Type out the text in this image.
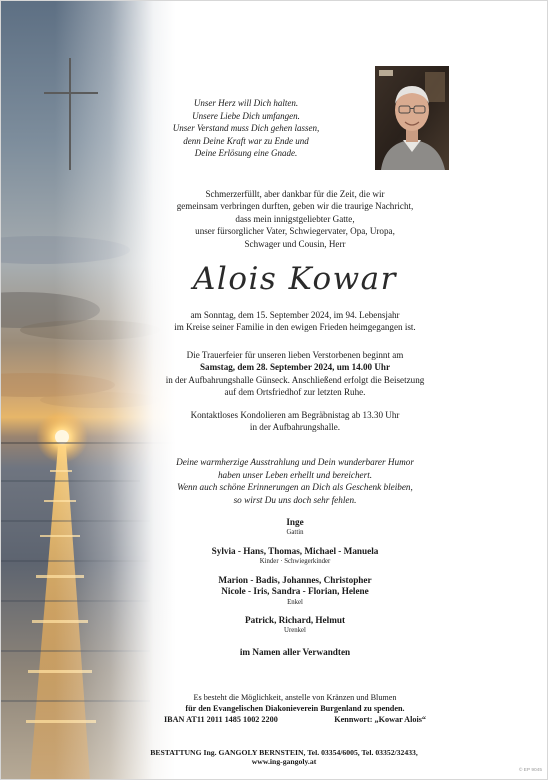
Unser Herz will Dich halten.
Unsere Liebe Dich umfangen.
Unser Verstand muss Dich gehen lassen,
denn Deine Kraft war zu Ende und
Deine Erlösung eine Gnade.
Schmerzerfüllt, aber dankbar für die Zeit, die wir
gemeinsam verbringen durften, geben wir die traurige Nachricht,
dass mein innigstgeliebter Gatte,
unser fürsorglicher Vater, Schwiegervater, Opa, Uropa,
Schwager und Cousin, Herr
Alois Kowar
am Sonntag, dem 15. September 2024, im 94. Lebensjahr
im Kreise seiner Familie in den ewigen Frieden heimgegangen ist.
Die Trauerfeier für unseren lieben Verstorbenen beginnt am
Samstag, dem 28. September 2024, um 14.00 Uhr
in der Aufbahrungshalle Günseck. Anschließend erfolgt die Beisetzung
auf dem Ortsfriedhof zur letzten Ruhe.
Kontaktloses Kondolieren am Begräbnistag ab 13.30 Uhr
in der Aufbahrungshalle.
Deine warmherzige Ausstrahlung und Dein wunderbarer Humor
haben unser Leben erhellt und bereichert.
Wenn auch schöne Erinnerungen an Dich als Geschenk bleiben,
so wirst Du uns doch sehr fehlen.
Inge
Gattin
Sylvia - Hans, Thomas, Michael - Manuela
Kinder · Schwiegerkinder
Marion - Badis, Johannes, Christopher
Nicole - Iris, Sandra - Florian, Helene
Enkel
Patrick, Richard, Helmut
Urenkel
im Namen aller Verwandten
Es besteht die Möglichkeit, anstelle von Kränzen und Blumen
für den Evangelischen Diakonieverein Burgenland zu spenden.
IBAN AT11 2011 1485 1002 2200	Kennwort: „Kowar Alois“
BESTATTUNG Ing. GANGOLY BERNSTEIN, Tel. 03354/6005, Tel. 03352/32433, www.ing-gangoly.at
© EP 9045
